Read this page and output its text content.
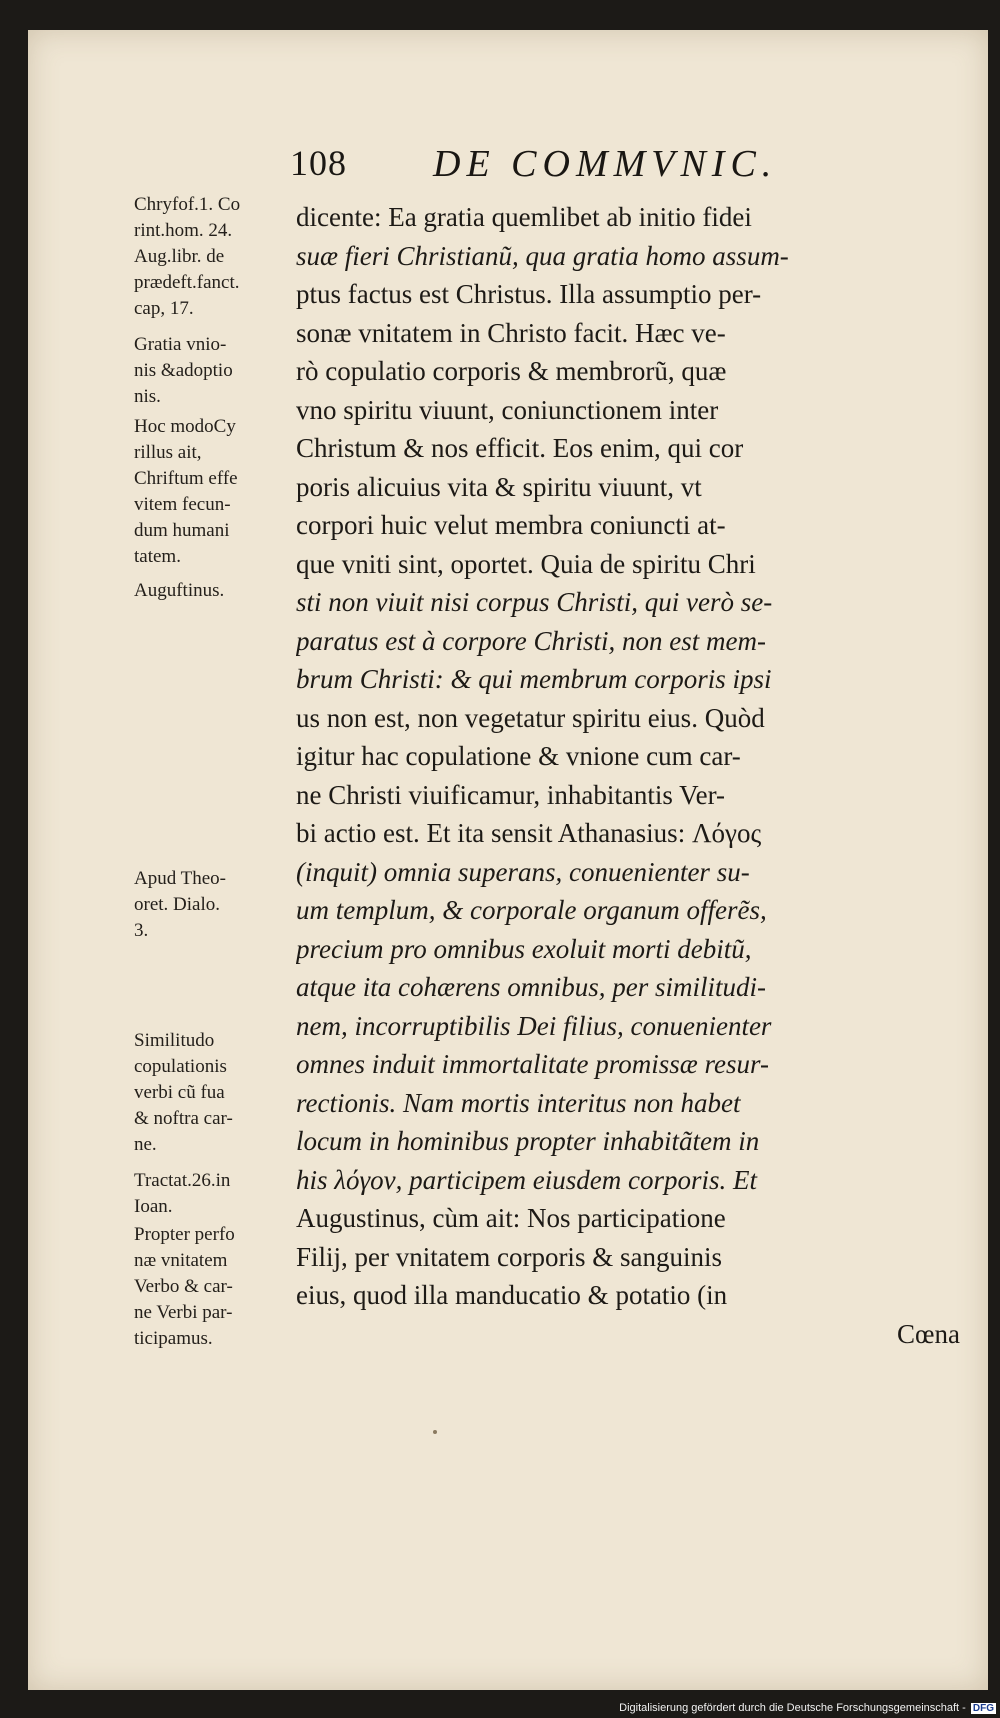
108 DE COMMVNIC.
Chryfof.1. Co
rint.hom. 24.
Aug.libr. de
prædeft.fanct.
cap, 17.
Gratia vnio-
nis &adoptio
nis.
Hoc modoCy
rillus ait,
Chriftum effe
vitem fecun-
dum humani
tatem.
Auguftinus.
Apud Theo-
oret. Dialo.
3.
Similitudo
copulationis
verbi cũ fua
& noftra car-
ne.
Tractat.26.in
Ioan.
Propter perfo
næ vnitatem
Verbo & car-
ne Verbi par-
ticipamus.
dicente: Ea gratia quemlibet ab initio fidei
suæ fieri Christianũ, qua gratia homo assum-
ptus factus est Christus. Illa assumptio per-
sonæ vnitatem in Christo facit. Hæc ve-
rò copulatio corporis & membrorũ, quæ
vno spiritu viuunt, coniunctionem inter
Christum & nos efficit. Eos enim, qui cor
poris alicuius vita & spiritu viuunt, vt
corpori huic velut membra coniuncti at-
que vniti sint, oportet. Quia de spiritu Chri
sti non viuit nisi corpus Christi, qui verò se-
paratus est à corpore Christi, non est mem-
brum Christi: & qui membrum corporis ipsi
us non est, non vegetatur spiritu eius. Quòd
igitur hac copulatione & vnione cum car-
ne Christi viuificamur, inhabitantis Ver-
bi actio est. Et ita sensit Athanasius: Λόγος
(inquit) omnia superans, conuenienter su-
um templum, & corporale organum offerẽs,
precium pro omnibus exoluit morti debitũ,
atque ita cohærens omnibus, per similitudi-
nem, incorruptibilis Dei filius, conuenienter
omnes induit immortalitate promissæ resur-
rectionis. Nam mortis interitus non habet
locum in hominibus propter inhabitãtem in
his λόγον, participem eiusdem corporis. Et
Augustinus, cùm ait: Nos participatione
Filij, per vnitatem corporis & sanguinis
eius, quod illa manducatio & potatio (in
Cœna
Digitalisierung gefördert durch die Deutsche Forschungsgemeinschaft - DFG
